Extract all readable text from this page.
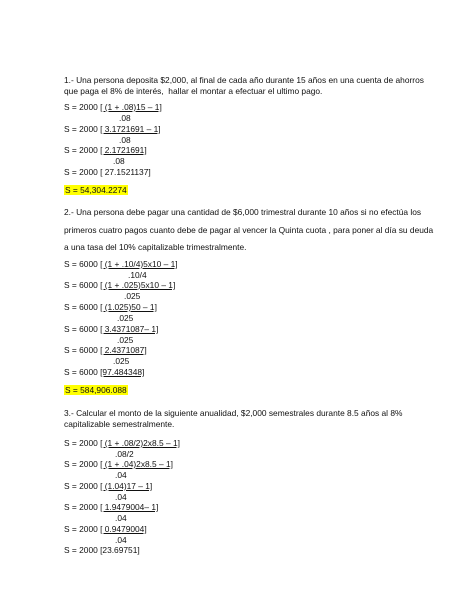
1.- Una persona deposita $2,000, al final de cada año durante 15 años en una cuenta de ahorros

que paga el 8% de interés,  hallar el montar a efectuar el ultimo pago.

S = 2000 [ (1 + .08)15 – 1]

.08

S = 2000 [ 3.1721691 – 1]

.08

S = 2000 [ 2.1721691]

.08

S = 2000 [ 27.1521137]

S = 54,304.2274

2.- Una persona debe pagar una cantidad de $6,000 trimestral durante 10 años si no efectúa los

primeros cuatro pagos cuanto debe de pagar al vencer la Quinta cuota , para poner al día su deuda

a una tasa del 10% capitalizable trimestralmente.

S = 6000 [ (1 + .10/4)5x10 – 1]

.10/4

S = 6000 [ (1 + .025)5x10 – 1]

.025

S = 6000 [ (1.025)50 – 1]

.025

S = 6000 [ 3.4371087– 1]

.025

S = 6000 [ 2.4371087]

.025

S = 6000 [97.484348]

S = 584,906.088

3.- Calcular el monto de la siguiente anualidad, $2,000 semestrales durante 8.5 años al 8%

capitalizable semestralmente.

S = 2000 [ (1 + .08/2)2x8.5 – 1]

.08/2

S = 2000 [ (1 + .04)2x8.5 – 1]

.04

S = 2000 [ (1.04)17 – 1]

.04

S = 2000 [ 1.9479004– 1]

.04

S = 2000 [ 0.9479004]

.04

S = 2000 [23.69751]
